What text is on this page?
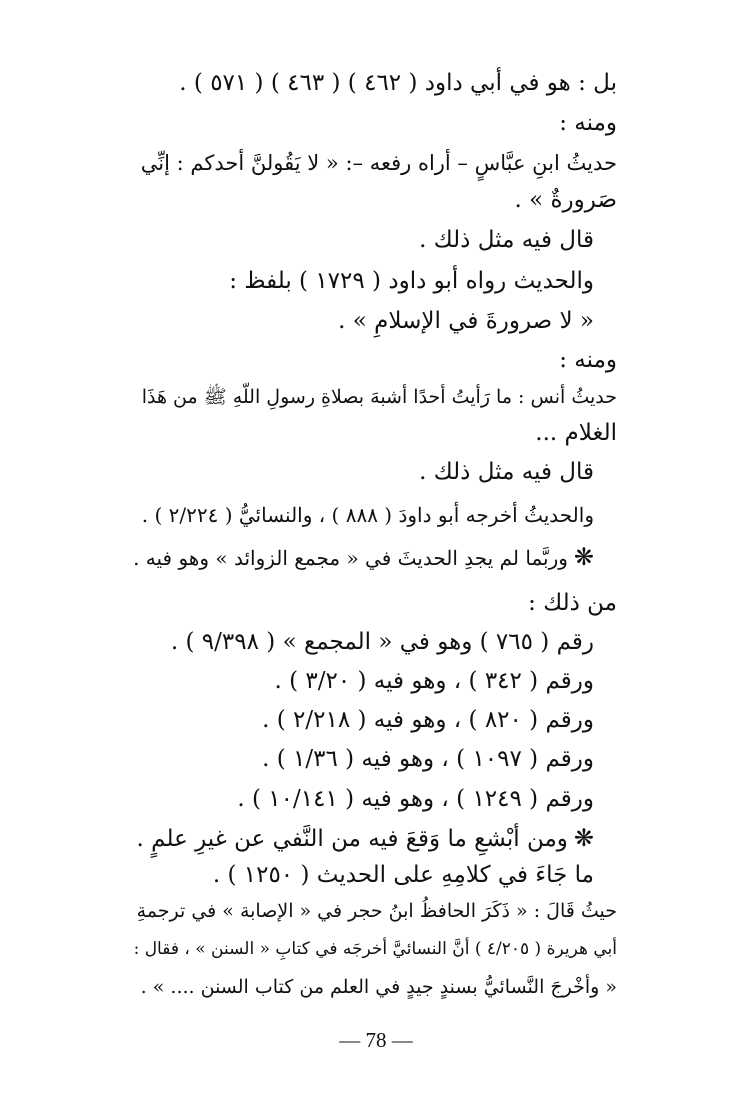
بل : هو في أبي داود ( ٤٦٢ ) ( ٤٦٣ ) ( ٥٧١ ) .
ومنه :
حديثُ ابنِ عبَّاسٍ – أراه رفعه –: « لا يَقُولنَّ أحدكم : إنِّي
صَرورةٌ » .
قال فيه مثل ذلك .
والحديث رواه أبو داود ( ١٧٢٩ ) بلفظ :
« لا صرورةَ في الإسلامِ » .
ومنه :
حديثُ أنس : ما رَأيتُ أحدًا أشبهَ بصلاةِ رسولِ اللّهِ ﷺ من هَذَا
الغلام ...
قال فيه مثل ذلك .
والحديثُ أخرجه أبو داودَ ( ٨٨٨ ) ، والنسائيُّ ( ٢/٢٢٤ ) .
❋وربَّما لم يجدِ الحديثَ في « مجمع الزوائد » وهو فيه .
من ذلك :
رقم ( ٧٦٥ ) وهو في « المجمع » ( ٩/٣٩٨ ) .
ورقم ( ٣٤٢ ) ، وهو فيه ( ٣/٢٠ ) .
ورقم ( ٨٢٠ ) ، وهو فيه ( ٢/٢١٨ ) .
ورقم ( ١٠٩٧ ) ، وهو فيه ( ١/٣٦ ) .
ورقم ( ١٢٤٩ ) ، وهو فيه ( ١٠/١٤١ ) .
❋ومن أبْشعِ ما وَقعَ فيه من النَّفي عن غيرِ علمٍ .
ما جَاءَ في كلامِهِ على الحديث ( ١٢٥٠ ) .
حيثُ قَالَ : « ذَكَرَ الحافظُ ابنُ حجر في « الإصابة » في ترجمةِ
أبي هريرة ( ٤/٢٠٥ ) أنَّ النسائيَّ أخرجَه في كتابِ « السنن » ، فقال :
« وأخْرجَ النَّسائيُّ بسندٍ جيدٍ في العلم من كتاب السنن .... » .
— 78 —
